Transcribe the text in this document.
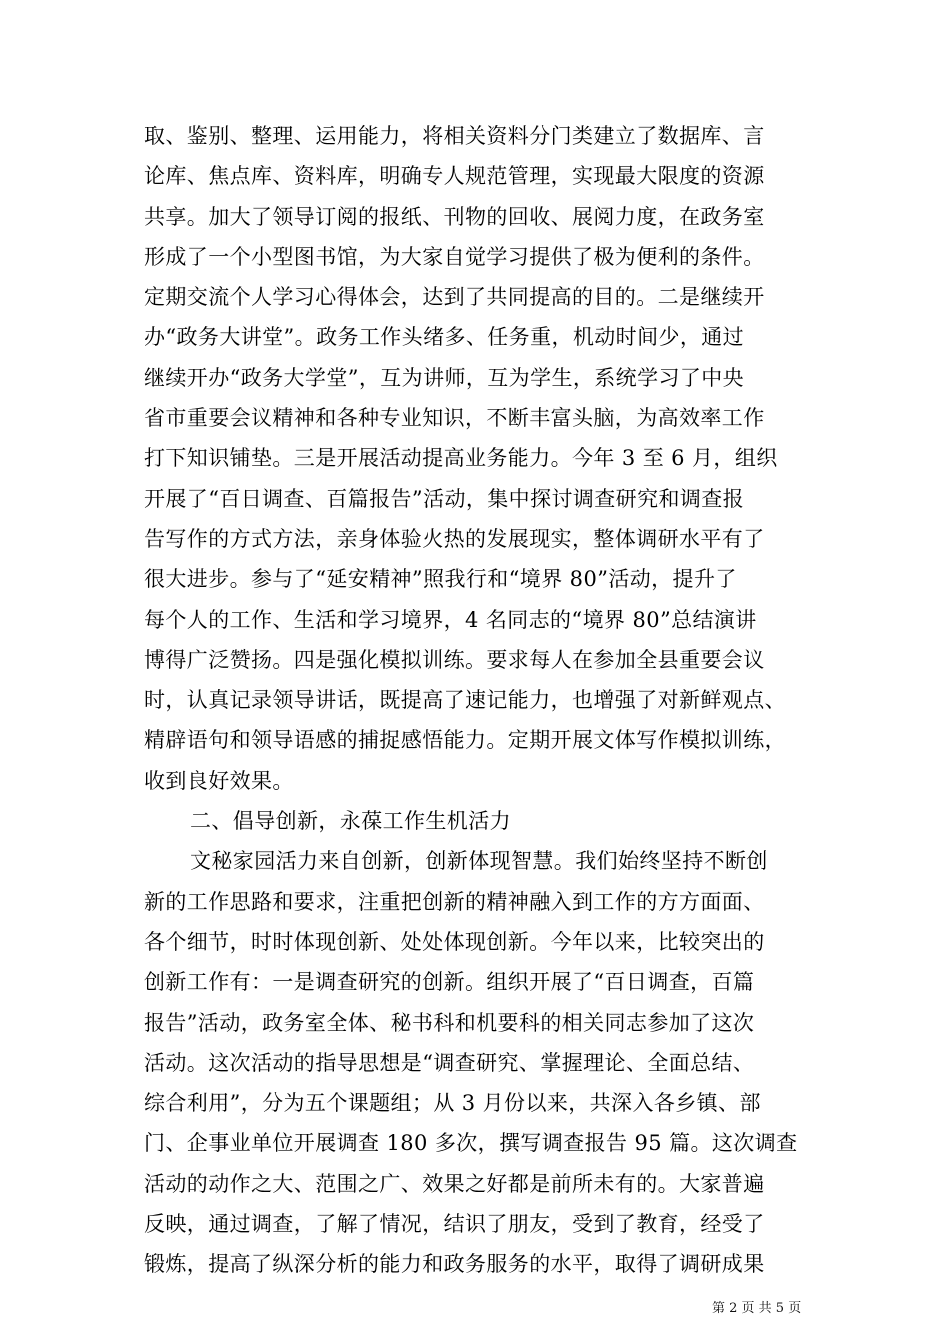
取、鉴别、整理、运用能力，将相关资料分门类建立了数据库、言
论库、焦点库、资料库，明确专人规范管理，实现最大限度的资源
共享。加大了领导订阅的报纸、刊物的回收、展阅力度，在政务室
形成了一个小型图书馆，为大家自觉学习提供了极为便利的条件。
定期交流个人学习心得体会，达到了共同提高的目的。二是继续开
办“政务大讲堂”。政务工作头绪多、任务重，机动时间少，通过
继续开办“政务大学堂”，互为讲师，互为学生，系统学习了中央
省市重要会议精神和各种专业知识，不断丰富头脑，为高效率工作
打下知识铺垫。三是开展活动提高业务能力。今年 3 至 6 月，组织
开展了“百日调查、百篇报告”活动，集中探讨调查研究和调查报
告写作的方式方法，亲身体验火热的发展现实，整体调研水平有了
很大进步。参与了“延安精神”照我行和“境界 80”活动，提升了
每个人的工作、生活和学习境界，4 名同志的“境界 80”总结演讲
博得广泛赞扬。四是强化模拟训练。要求每人在参加全县重要会议
时，认真记录领导讲话，既提高了速记能力，也增强了对新鲜观点、
精辟语句和领导语感的捕捉感悟能力。定期开展文体写作模拟训练，
收到良好效果。
二、倡导创新，永葆工作生机活力
文秘家园活力来自创新，创新体现智慧。我们始终坚持不断创
新的工作思路和要求，注重把创新的精神融入到工作的方方面面、
各个细节，时时体现创新、处处体现创新。今年以来，比较突出的
创新工作有：一是调查研究的创新。组织开展了“百日调查，百篇
报告”活动，政务室全体、秘书科和机要科的相关同志参加了这次
活动。这次活动的指导思想是“调查研究、掌握理论、全面总结、
综合利用”，分为五个课题组；从 3 月份以来，共深入各乡镇、部
门、企事业单位开展调查 180 多次，撰写调查报告 95 篇。这次调查
活动的动作之大、范围之广、效果之好都是前所未有的。大家普遍
反映，通过调查，了解了情况，结识了朋友，受到了教育，经受了
锻炼，提高了纵深分析的能力和政务服务的水平，取得了调研成果
第 2 页 共 5 页
